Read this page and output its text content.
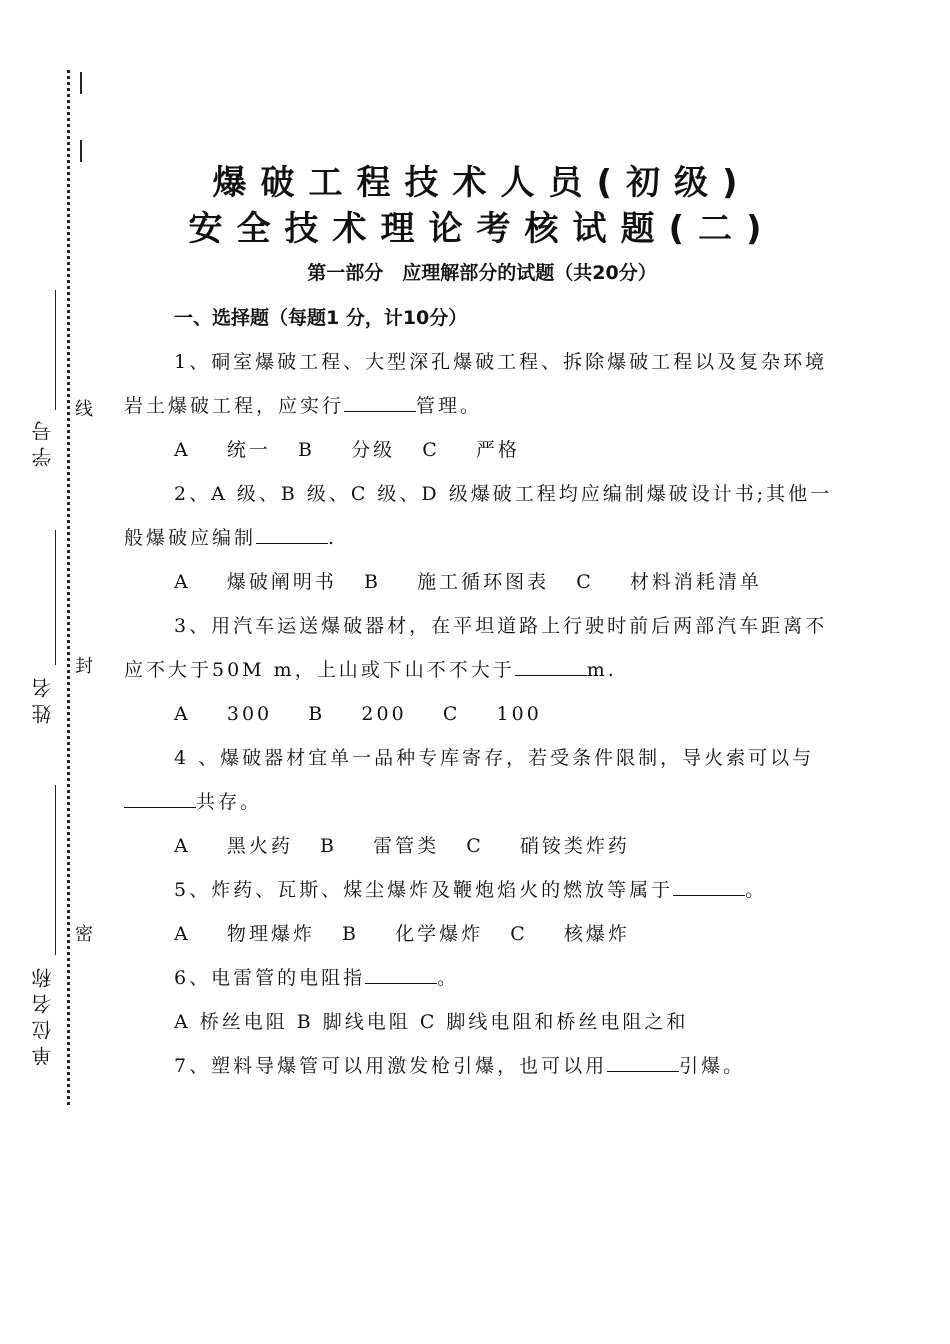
学号
线
姓名
封
单位名称
密
爆破工程技术人员(初级)
安全技术理论考核试题(二)
第一部分　应理解部分的试题（共20分）
一、选择题（每题1 分，计10分）
1、硐室爆破工程、大型深孔爆破工程、拆除爆破工程以及复杂环境岩土爆破工程，应实行	管理。
A    统一   B    分级   C    严格
2、A 级、B 级、C 级、D 级爆破工程均应编制爆破设计书;其他一般爆破应编制	.
A    爆破阐明书   B    施工循环图表   C    材料消耗清单
3、用汽车运送爆破器材，在平坦道路上行驶时前后两部汽车距离不应不大于50M m，上山或下山不不大于	m.
A    300    B    200    C    100
4 、爆破器材宜单一品种专库寄存，若受条件限制，导火索可以与
共存。
A    黑火药   B    雷管类   C    硝铵类炸药
5、炸药、瓦斯、煤尘爆炸及鞭炮焰火的燃放等属于	。
A    物理爆炸   B    化学爆炸   C    核爆炸
6、电雷管的电阻指	。
A 桥丝电阻 B 脚线电阻 C 脚线电阻和桥丝电阻之和
7、塑料导爆管可以用激发枪引爆，也可以用	引爆。
